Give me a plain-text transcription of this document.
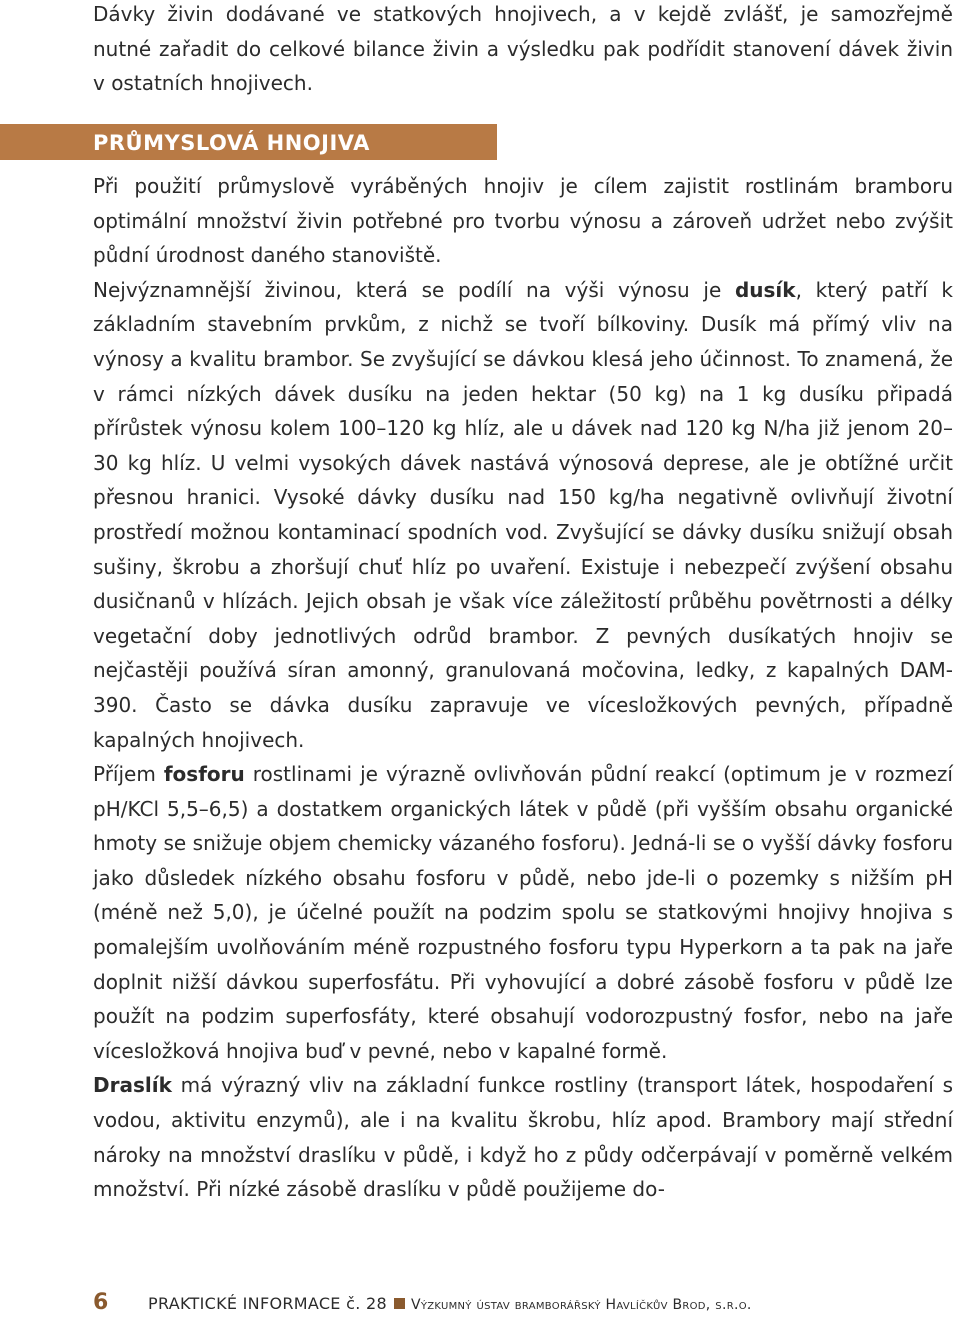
Dávky živin dodávané ve statkových hnojivech, a v kejdě zvlášť, je samozřejmě nutné zařadit do celkové bilance živin a výsledku pak podřídit stanovení dávek živin v ostatních hnojivech.

PRŮMYSLOVÁ HNOJIVA

Při použití průmyslově vyráběných hnojiv je cílem zajistit rostlinám bramboru optimální množství živin potřebné pro tvorbu výnosu a zároveň udržet nebo zvýšit půdní úrodnost daného stanoviště.

Nejvýznamnější živinou, která se podílí na výši výnosu je dusík, který patří k základním stavebním prvkům, z nichž se tvoří bílkoviny. Dusík má přímý vliv na výnosy a kvalitu brambor. Se zvyšující se dávkou klesá jeho účinnost. To znamená, že v rámci nízkých dávek dusíku na jeden hektar (50 kg) na 1 kg dusíku připadá přírůstek výnosu kolem 100–120 kg hlíz, ale u dávek nad 120 kg N/ha již jenom 20–30 kg hlíz. U velmi vysokých dávek nastává výnosová deprese, ale je obtížné určit přesnou hranici. Vysoké dávky dusíku nad 150 kg/ha negativně ovlivňují životní prostředí možnou kontaminací spodních vod. Zvyšující se dávky dusíku snižují obsah sušiny, škrobu a zhoršují chuť hlíz po uvaření. Existuje i nebezpečí zvýšení obsahu dusičnanů v hlízách. Jejich obsah je však více záležitostí průběhu povětrnosti a délky vegetační doby jednotlivých odrůd brambor. Z pevných dusíkatých hnojiv se nejčastěji používá síran amonný, granulovaná močovina, ledky, z kapalných DAM-390. Často se dávka dusíku zapravuje ve vícesložkových pevných, případně kapalných hnojivech.

Příjem fosforu rostlinami je výrazně ovlivňován půdní reakcí (optimum je v rozmezí pH/KCl 5,5–6,5) a dostatkem organických látek v půdě (při vyšším obsahu organické hmoty se snižuje objem chemicky vázaného fosforu). Jedná-li se o vyšší dávky fosforu jako důsledek nízkého obsahu fosforu v půdě, nebo jde-li o pozemky s nižším pH (méně než 5,0), je účelné použít na podzim spolu se statkovými hnojivy hnojiva s pomalejším uvolňováním méně rozpustného fosforu typu Hyperkorn a ta pak na jaře doplnit nižší dávkou superfosfátu. Při vyhovující a dobré zásobě fosforu v půdě lze použít na podzim superfosfáty, které obsahují vodorozpustný fosfor, nebo na jaře vícesložková hnojiva buď v pevné, nebo v kapalné formě.

Draslík má výrazný vliv na základní funkce rostliny (transport látek, hospodaření s vodou, aktivitu enzymů), ale i na kvalitu škrobu, hlíz apod. Brambory mají střední nároky na množství draslíku v půdě, i když ho z půdy odčerpávají v poměrně velkém množství. Při nízké zásobě draslíku v půdě použijeme do-

6	PRAKTICKÉ INFORMACE č. 28 Výzkumný ústav bramborářský Havlíčkův Brod, s.r.o.
